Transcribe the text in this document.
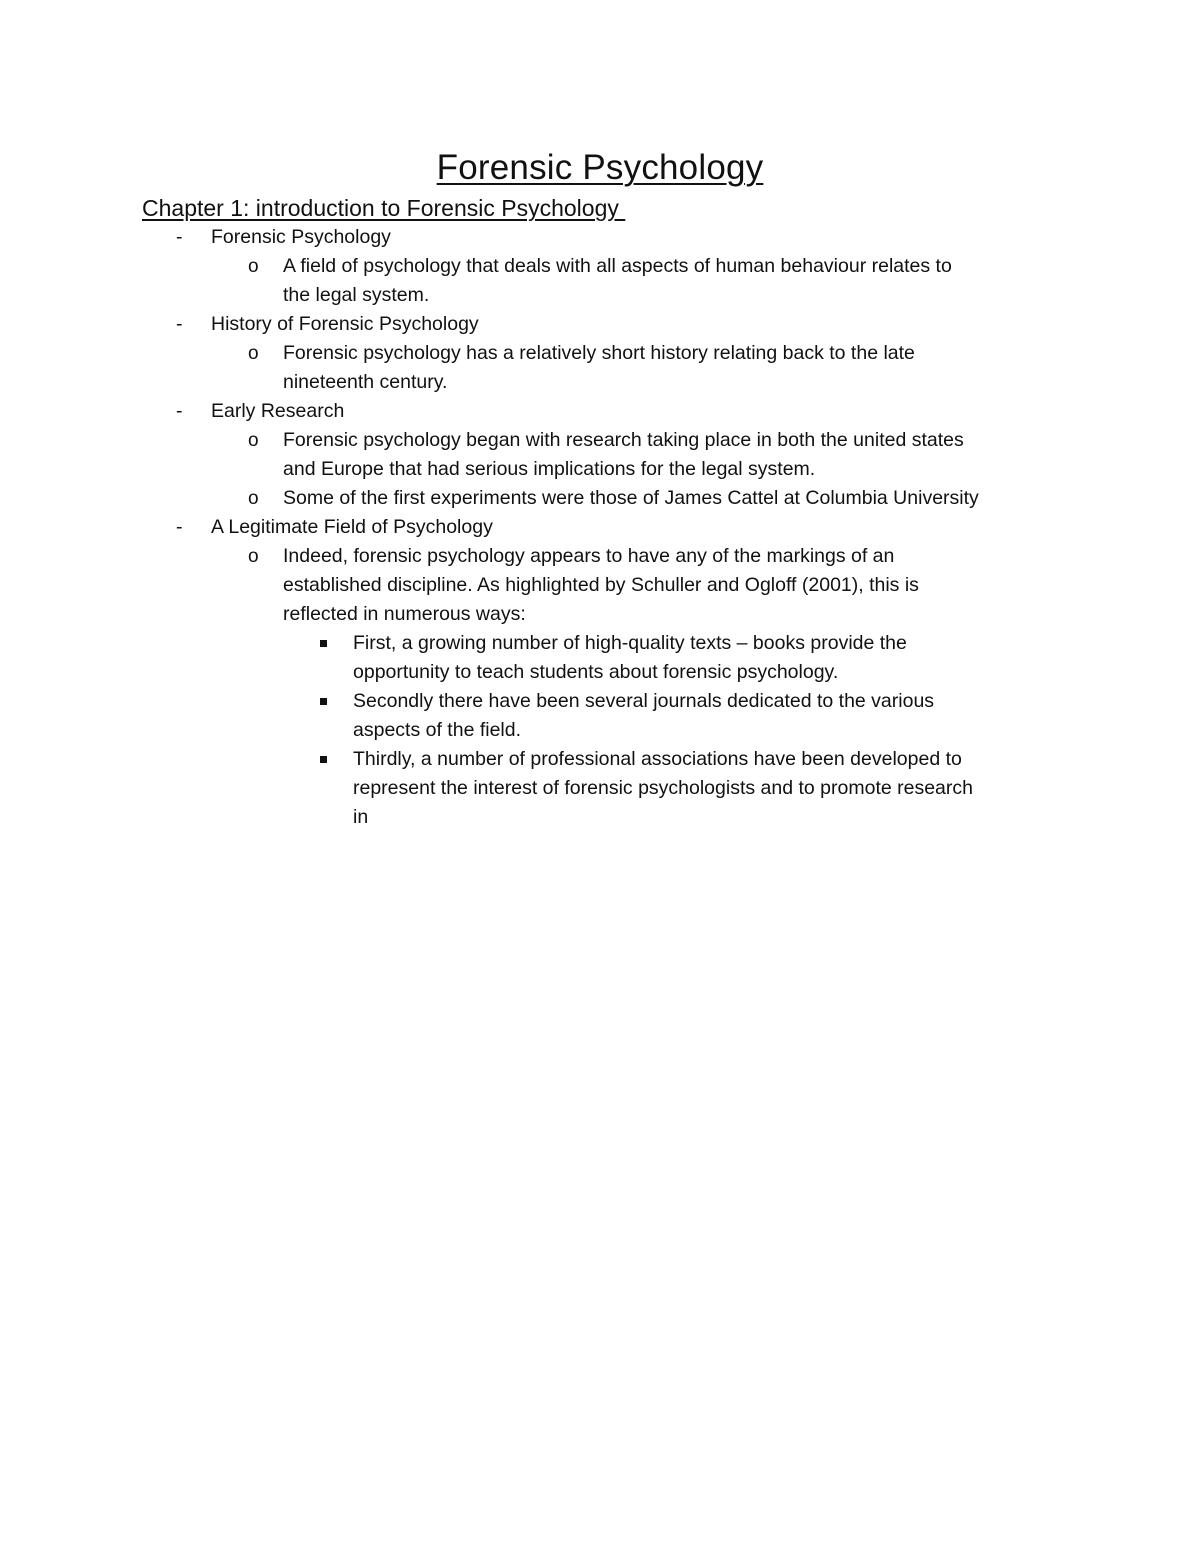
Forensic Psychology
Chapter 1: introduction to Forensic Psychology
- Forensic Psychology
o A field of psychology that deals with all aspects of human behaviour relates to
the legal system.
- History of Forensic Psychology
o Forensic psychology has a relatively short history relating back to the late
nineteenth century.
- Early Research
o Forensic psychology began with research taking place in both the united states
and Europe that had serious implications for the legal system.
o Some of the first experiments were those of James Cattel at Columbia University
- A Legitimate Field of Psychology
o Indeed, forensic psychology appears to have any of the markings of an
established discipline. As highlighted by Schuller and Ogloff (2001), this is
reflected in numerous ways:
First, a growing number of high-quality texts – books provide the
opportunity to teach students about forensic psychology.
Secondly there have been several journals dedicated to the various
aspects of the field.
Thirdly, a number of professional associations have been developed to
represent the interest of forensic psychologists and to promote research
in
